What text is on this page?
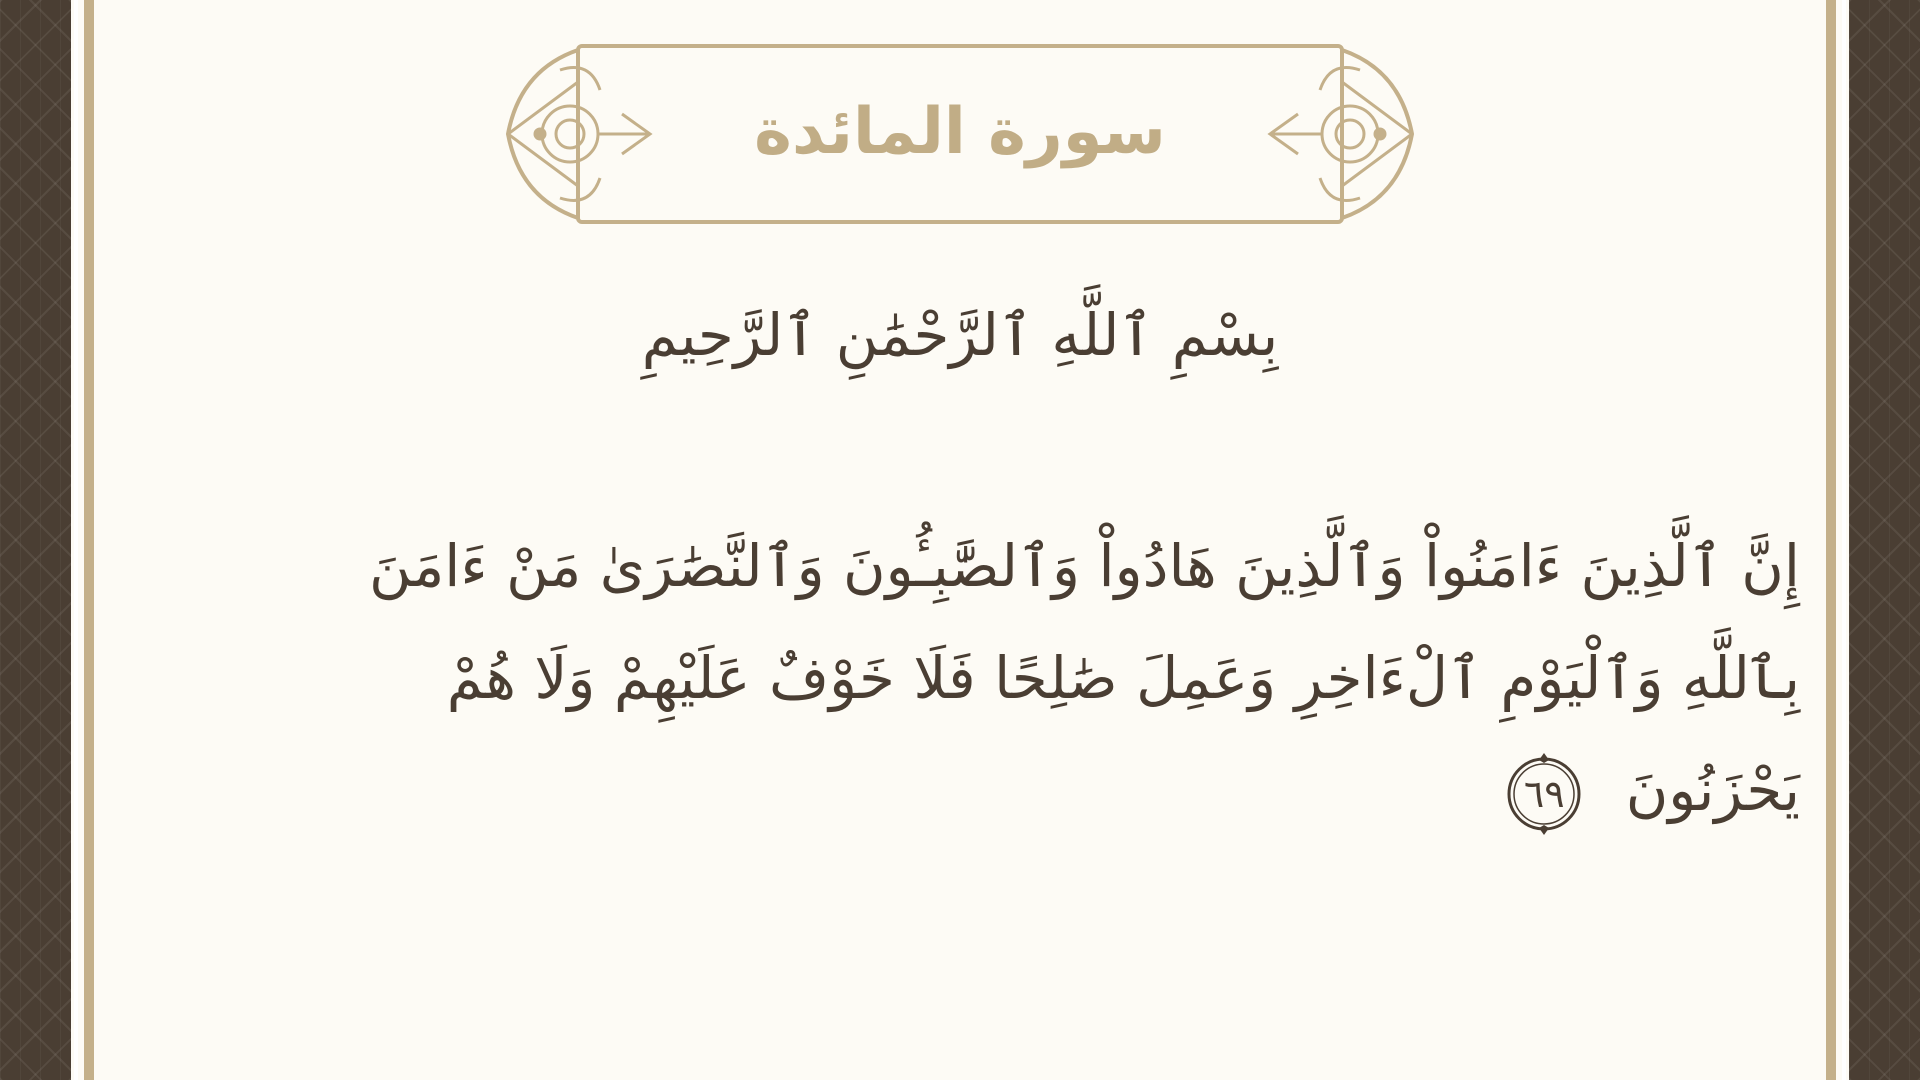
سورة المائدة
بِسْمِ ٱللَّهِ ٱلرَّحْمَٰنِ ٱلرَّحِيمِ
إِنَّ ٱلَّذِينَ ءَامَنُواْ وَٱلَّذِينَ هَادُواْ وَٱلصَّٰبِـُٔونَ وَٱلنَّصَٰرَىٰ مَنْ ءَامَنَ
بِٱللَّهِ وَٱلْيَوْمِ ٱلْءَاخِرِ وَعَمِلَ صَٰلِحًا فَلَا خَوْفٌ عَلَيْهِمْ وَلَا هُمْ
يَحْزَنُونَ
٦٩
